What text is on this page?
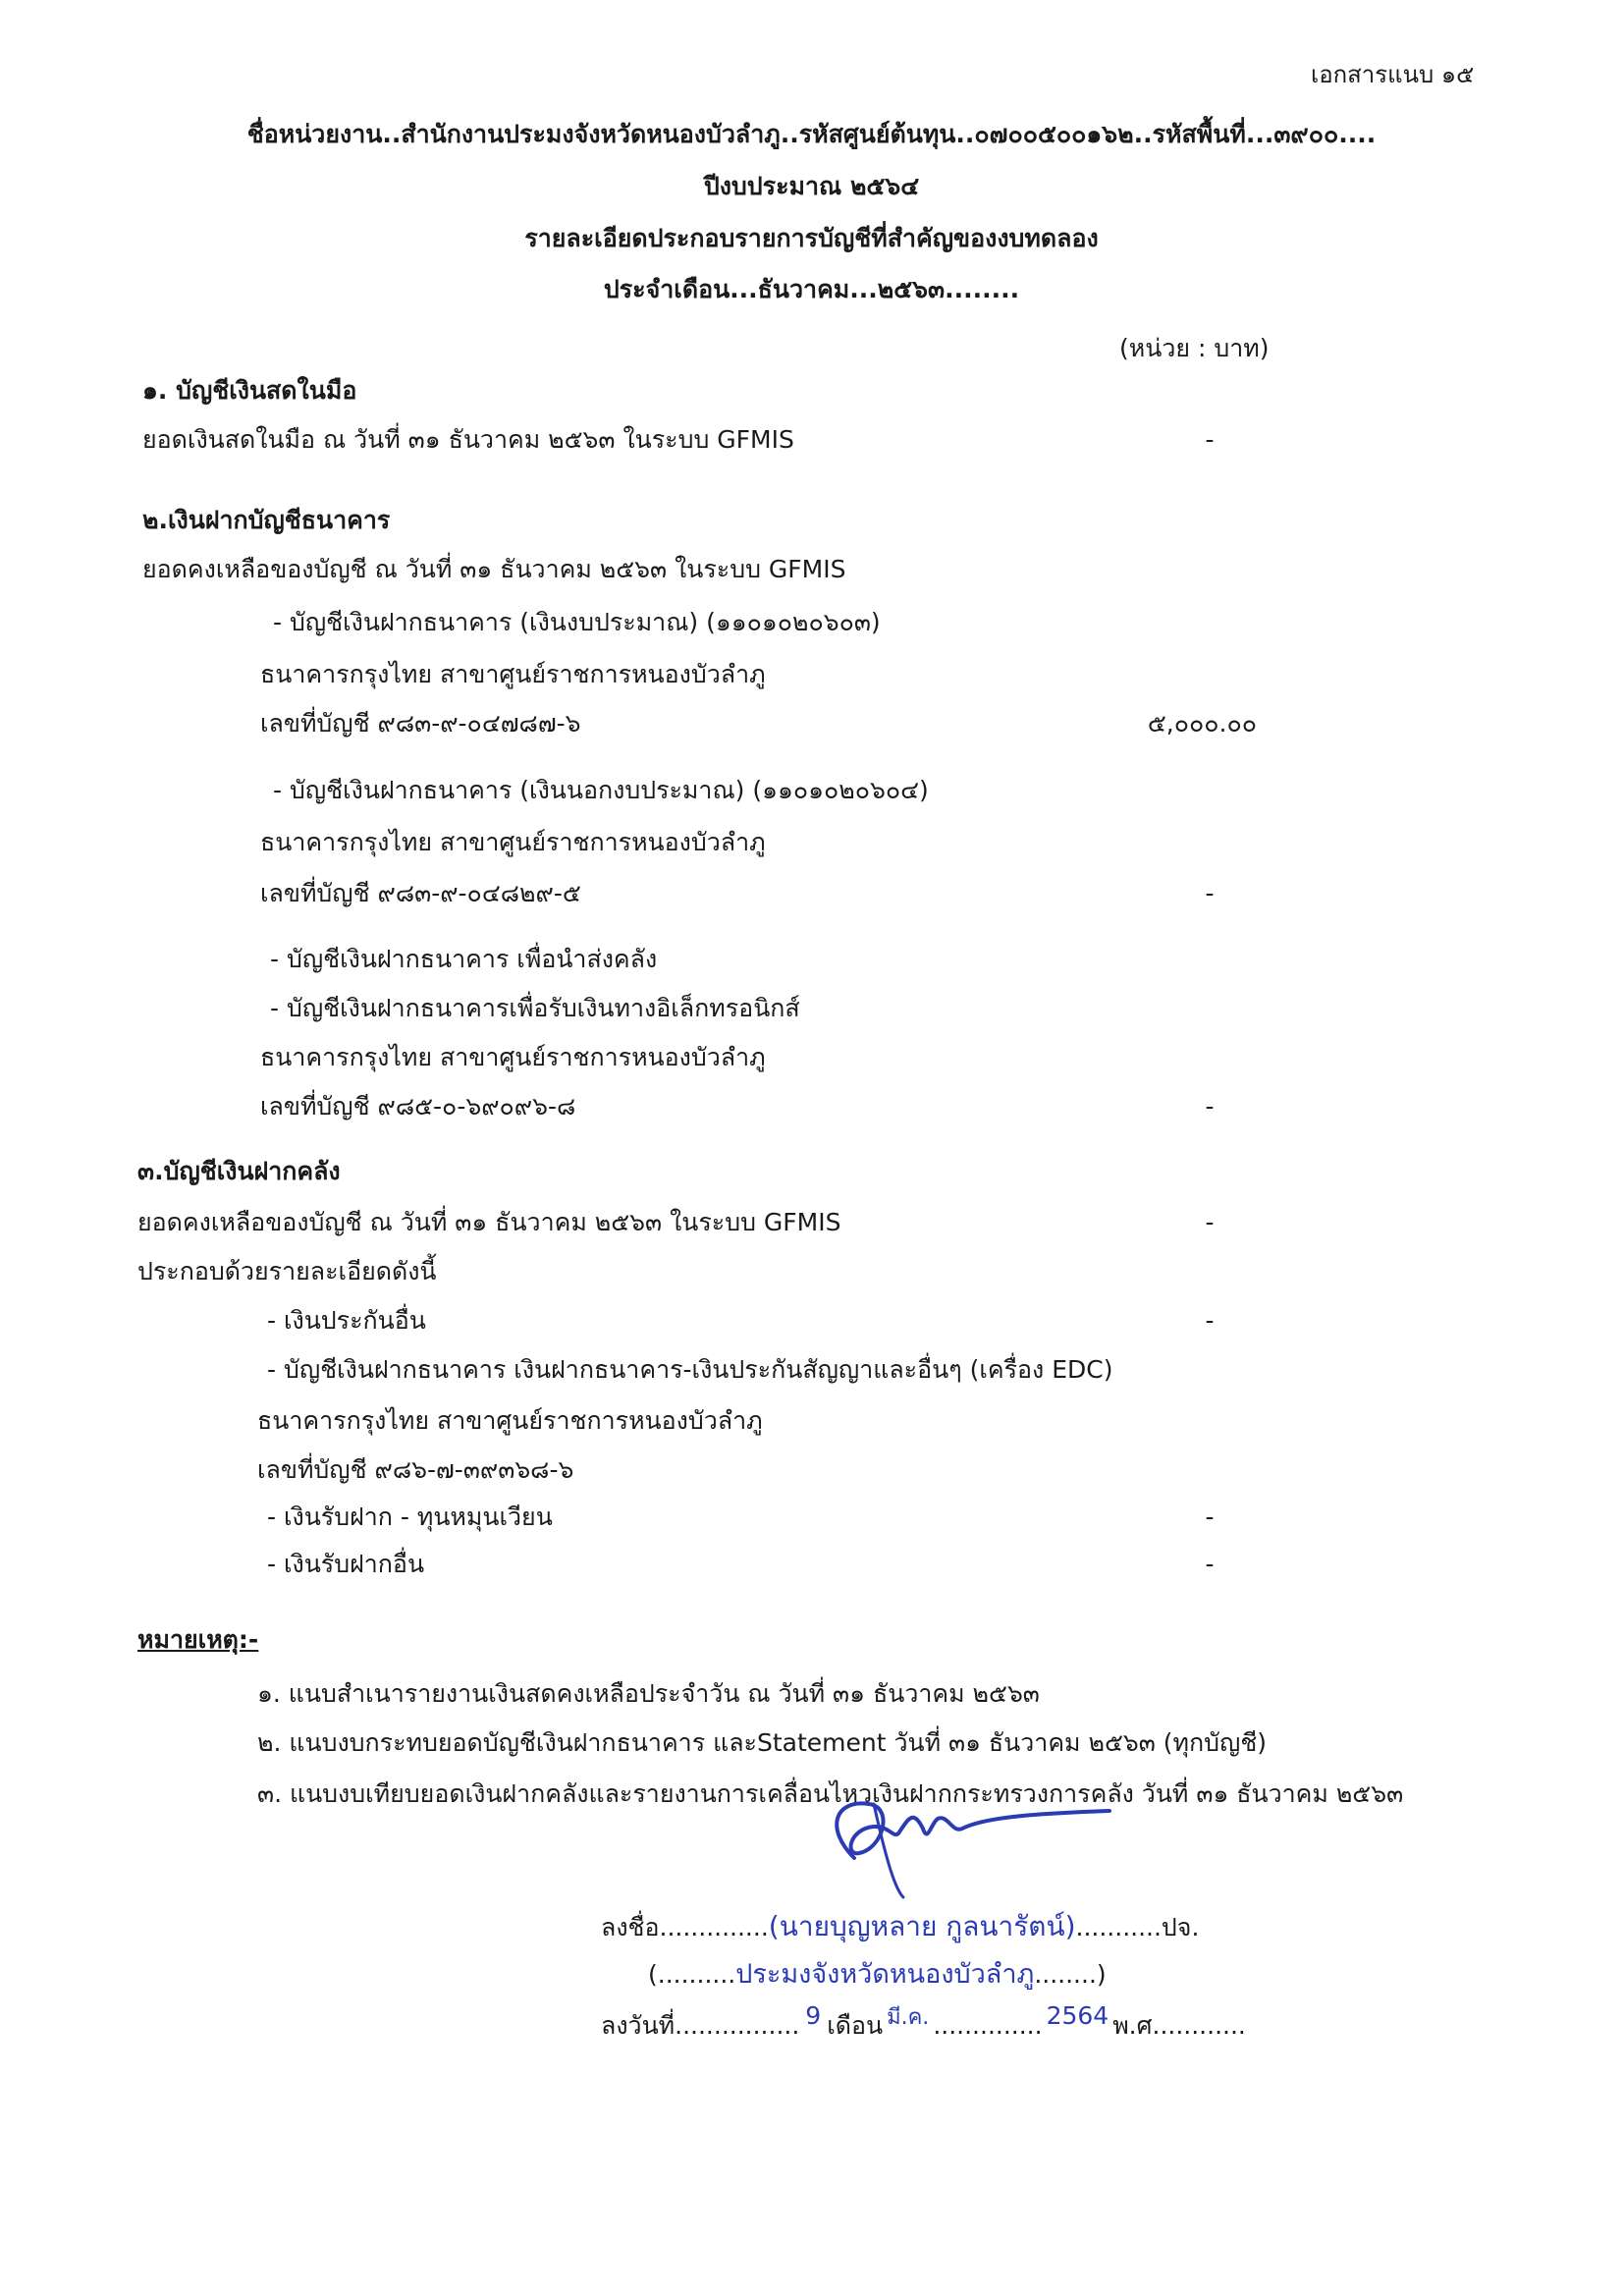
เอกสารแนบ ๑๕
ชื่อหน่วยงาน..สำนักงานประมงจังหวัดหนองบัวลำภู..รหัสศูนย์ต้นทุน..๐๗๐๐๕๐๐๑๖๒..รหัสพื้นที่...๓๙๐๐....
ปีงบประมาณ ๒๕๖๔
รายละเอียดประกอบรายการบัญชีที่สำคัญของงบทดลอง
ประจำเดือน...ธันวาคม...๒๕๖๓........
(หน่วย : บาท)
๑. บัญชีเงินสดในมือ
ยอดเงินสดในมือ ณ วันที่ ๓๑ ธันวาคม ๒๕๖๓ ในระบบ GFMIS	-
๒.เงินฝากบัญชีธนาคาร
ยอดคงเหลือของบัญชี ณ วันที่ ๓๑ ธันวาคม ๒๕๖๓ ในระบบ GFMIS
- บัญชีเงินฝากธนาคาร (เงินงบประมาณ) (๑๑๐๑๐๒๐๖๐๓)
ธนาคารกรุงไทย สาขาศูนย์ราชการหนองบัวลำภู
เลขที่บัญชี ๙๘๓-๙-๐๔๗๘๗-๖	๕,๐๐๐.๐๐
- บัญชีเงินฝากธนาคาร (เงินนอกงบประมาณ) (๑๑๐๑๐๒๐๖๐๔)
ธนาคารกรุงไทย สาขาศูนย์ราชการหนองบัวลำภู
เลขที่บัญชี ๙๘๓-๙-๐๔๘๒๙-๕	-
- บัญชีเงินฝากธนาคาร เพื่อนำส่งคลัง
- บัญชีเงินฝากธนาคารเพื่อรับเงินทางอิเล็กทรอนิกส์
ธนาคารกรุงไทย สาขาศูนย์ราชการหนองบัวลำภู
เลขที่บัญชี ๙๘๕-๐-๖๙๐๙๖-๘	-
๓.บัญชีเงินฝากคลัง
ยอดคงเหลือของบัญชี ณ วันที่ ๓๑ ธันวาคม ๒๕๖๓ ในระบบ GFMIS	-
ประกอบด้วยรายละเอียดดังนี้
- เงินประกันอื่น	-
- บัญชีเงินฝากธนาคาร เงินฝากธนาคาร-เงินประกันสัญญาและอื่นๆ (เครื่อง EDC)
ธนาคารกรุงไทย สาขาศูนย์ราชการหนองบัวลำภู
เลขที่บัญชี ๙๘๖-๗-๓๙๓๖๘-๖
- เงินรับฝาก - ทุนหมุนเวียน	-
- เงินรับฝากอื่น	-
หมายเหตุ:-
๑. แนบสำเนารายงานเงินสดคงเหลือประจำวัน ณ วันที่ ๓๑ ธันวาคม ๒๕๖๓
๒. แนบงบกระทบยอดบัญชีเงินฝากธนาคาร และStatement วันที่ ๓๑ ธันวาคม ๒๕๖๓ (ทุกบัญชี)
๓. แนบงบเทียบยอดเงินฝากคลังและรายงานการเคลื่อนไหวเงินฝากกระทรวงการคลัง วันที่ ๓๑ ธันวาคม ๒๕๖๓
ลงชื่อ..............(นายบุญหลาย กูลนารัตน์)...........ปจ.
(..........ประมงจังหวัดหนองบัวลำภู........)
ลงวันที่................ 9 เดือน มี.ค. .............. 2564 พ.ศ............
